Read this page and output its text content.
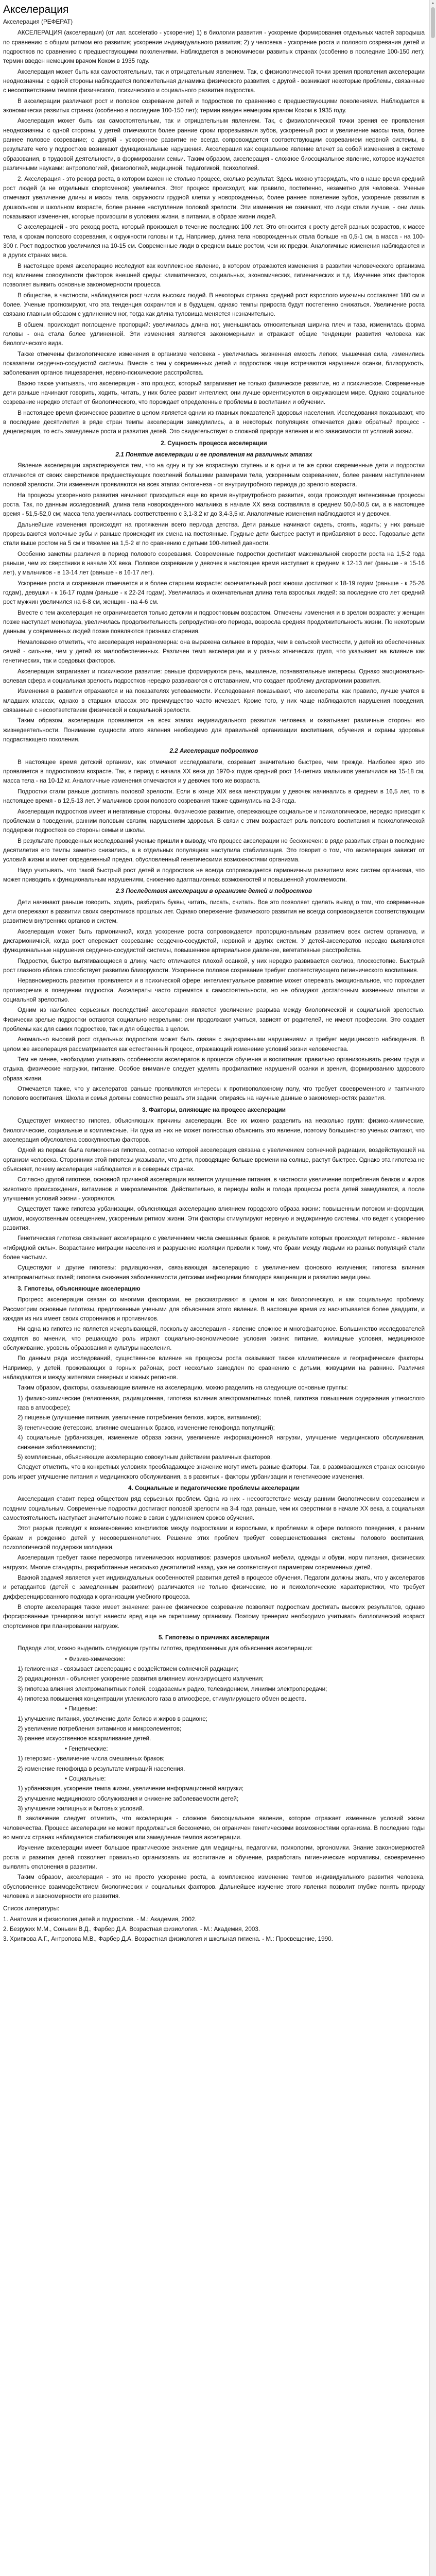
Акселерация

Акселерация (РЕФЕРАТ)

АКСЕЛЕРАЦИЯ (акселерация) (от лат. acceleratio - ускорение) 1) в биологии развития - ускорение формирования отдельных частей зародыша по сравнению с общим ритмом его развития; ускорение индивидуального развития; 2) у человека - ускорение роста и полового созревания детей и подростков по сравнению с предшествующими поколениями. Наблюдается в экономически развитых странах (особенно в последние 100-150 лет); термин введен немецким врачом Кохом в 1935 году.

Акселерация может быть как самостоятельным, так и отрицательным явлением. Так, с физиологической точки зрения проявления акселерации неоднозначны: с одной стороны наблюдается положительная динамика физического развития, с другой - возникают некоторые проблемы, связанные с несоответствием темпов физического, психического и социального развития подростка.

В акселерации различают рост и половое созревание детей и подростков по сравнению с предшествующими поколениями. Наблюдается в экономически развитых странах (особенно в последние 100-150 лет); термин введен немецким врачом Кохом в 1935 году.

Акселерация может быть как самостоятельным, так и отрицательным явлением. Так, с физиологической точки зрения ее проявления неоднозначны: с одной стороны, у детей отмечаются более ранние сроки прорезывания зубов, ускоренный рост и увеличение массы тела, более раннее половое созревание; с другой - ускоренное развитие не всегда сопровождается соответствующим созреванием нервной системы, в результате чего у подростков возникают функциональные нарушения. Акселерация как социальное явление влечет за собой изменения в системе образования, в трудовой деятельности, в формировании семьи. Таким образом, акселерация - сложное биосоциальное явление, которое изучается различными науками: антропологией, физиологией, медициной, педагогикой, психологией.

2. Акселерация - это рекорд роста, в котором важен не столько процесс, сколько результат. Здесь можно утверждать, что в наше время средний рост людей (а не отдельных спортсменов) увеличился. Этот процесс происходит, как правило, постепенно, незаметно для человека. Ученые отмечают увеличение длины и массы тела, окружности грудной клетки у новорожденных, более раннее появление зубов, ускорение развития в дошкольном и школьном возрасте, более раннее наступление половой зрелости. Эти изменения не означают, что люди стали лучше, - они лишь показывают изменения, которые произошли в условиях жизни, в питании, в образе жизни людей.

С акселерацией - это рекорд роста, который произошел в течение последних 100 лет. Это относится к росту детей разных возрастов, к массе тела, к срокам полового созревания, к окружности головы и т.д. Например, длина тела новорожденных стала больше на 0,5-1 см, а масса - на 100-300 г. Рост подростков увеличился на 10-15 см. Современные люди в среднем выше ростом, чем их предки. Аналогичные изменения наблюдаются и в других странах мира.

В настоящее время акселерацию исследуют как комплексное явление, в котором отражаются изменения в развитии человеческого организма под влиянием совокупности факторов внешней среды: климатических, социальных, экономических, гигиенических и т.д. Изучение этих факторов позволяет выявить основные закономерности процесса.

В обществе, в частности, наблюдается рост числа высоких людей. В некоторых странах средний рост взрослого мужчины составляет 180 см и более. Ученые прогнозируют, что эта тенденция сохранится и в будущем, однако темпы прироста будут постепенно снижаться. Увеличение роста связано главным образом с удлинением ног, тогда как длина туловища меняется незначительно.

В обшем, происходит поглощение пропорций: увеличилась длина ног, уменьшилась относительная ширина плеч и таза, изменилась форма головы - она стала более удлиненной. Эти изменения являются закономерными и отражают общие тенденции развития человека как биологического вида.

Также отмечены физиологические изменения в организме человека - увеличилась жизненная емкость легких, мышечная сила, изменились показатели сердечно-сосудистой системы. Вместе с тем у современных детей и подростков чаще встречаются нарушения осанки, близорукость, заболевания органов пищеварения, нервно-психические расстройства.

Важно также учитывать, что акселерация - это процесс, который затрагивает не только физическое развитие, но и психическое. Современные дети раньше начинают говорить, ходить, читать, у них более развит интеллект, они лучше ориентируются в окружающем мире. Однако социальное созревание нередко отстает от биологического, что порождает определенные проблемы в воспитании и обучении.

В настоящее время физическое развитие в целом является одним из главных показателей здоровья населения. Исследования показывают, что в последние десятилетия в ряде стран темпы акселерации замедлились, а в некоторых популяциях отмечается даже обратный процесс - децелерация, то есть замедление роста и развития детей. Это свидетельствует о сложной природе явления и его зависимости от условий жизни.

2. Сущность процесса акселерации

2.1 Понятие акселерации и ее проявления на различных этапах

Явление акселерации характеризуется тем, что на одну и ту же возрастную ступень и в одни и те же сроки современные дети и подростки отличаются от своих сверстников предшествующих поколений большими размерами тела, ускоренным созреванием, более ранним наступлением половой зрелости. Эти изменения проявляются на всех этапах онтогенеза - от внутриутробного периода до зрелого возраста.

На процессы ускоренного развития начинают приходиться еще во время внутриутробного развития, когда происходят интенсивные процессы роста. Так, по данным исследований, длина тела новорожденного мальчика в начале XX века составляла в среднем 50,0-50,5 см, а в настоящее время - 51,5-52,0 см; масса тела увеличилась соответственно с 3,1-3,2 кг до 3,4-3,5 кг. Аналогичные изменения наблюдаются и у девочек.

Дальнейшие изменения происходят на протяжении всего периода детства. Дети раньше начинают сидеть, стоять, ходить; у них раньше прорезываются молочные зубы и раньше происходит их смена на постоянные. Грудные дети быстрее растут и прибавляют в весе. Годовалые дети стали выше ростом на 5 см и тяжелее на 1,5-2 кг по сравнению с детьми 100-летней давности.

Особенно заметны различия в период полового созревания. Современные подростки достигают максимальной скорости роста на 1,5-2 года раньше, чем их сверстники в начале XX века. Половое созревание у девочек в настоящее время наступает в среднем в 12-13 лет (раньше - в 15-16 лет), у мальчиков - в 13-14 лет (раньше - в 16-17 лет).

Ускорение роста и созревания отмечается и в более старшем возрасте: окончательный рост юноши достигают к 18-19 годам (раньше - к 25-26 годам), девушки - к 16-17 годам (раньше - к 22-24 годам). Увеличилась и окончательная длина тела взрослых людей: за последние сто лет средний рост мужчин увеличился на 6-8 см, женщин - на 4-6 см.

Вместе с тем акселерация не ограничивается только детским и подростковым возрастом. Отмечены изменения и в зрелом возрасте: у женщин позже наступает менопауза, увеличилась продолжительность репродуктивного периода, возросла средняя продолжительность жизни. По некоторым данным, у современных людей позже появляются признаки старения.

Немаловажно отметить, что акселерация неравномерна: она выражена сильнее в городах, чем в сельской местности, у детей из обеспеченных семей - сильнее, чем у детей из малообеспеченных. Различен темп акселерации и у разных этнических групп, что указывает на влияние как генетических, так и средовых факторов.

Акселерация затрагивает и психическое развитие: раньше формируются речь, мышление, познавательные интересы. Однако эмоционально-волевая сфера и социальная зрелость подростков нередко развиваются с отставанием, что создает проблему дисгармонии развития.

Изменения в развитии отражаются и на показателях успеваемости. Исследования показывают, что акселераты, как правило, лучше учатся в младших классах, однако в старших классах это преимущество часто исчезает. Кроме того, у них чаще наблюдаются нарушения поведения, связанные с несоответствием физической и социальной зрелости.

Таким образом, акселерация проявляется на всех этапах индивидуального развития человека и охватывает различные стороны его жизнедеятельности. Понимание сущности этого явления необходимо для правильной организации воспитания, обучения и охраны здоровья подрастающего поколения.

2.2 Акселерация подростков

В настоящее время детский организм, как отмечают исследователи, созревает значительно быстрее, чем прежде. Наиболее ярко это проявляется в подростковом возрасте. Так, в период с начала XX века до 1970-х годов средний рост 14-летних мальчиков увеличился на 15-18 см, масса тела - на 10-12 кг. Аналогичные изменения отмечаются и у девочек того же возраста.

Подростки стали раньше достигать половой зрелости. Если в конце XIX века менструации у девочек начинались в среднем в 16,5 лет, то в настоящее время - в 12,5-13 лет. У мальчиков сроки полового созревания также сдвинулись на 2-3 года.

Акселерация подростков имеет и негативные стороны. Физическое развитие, опережающее социальное и психологическое, нередко приводит к проблемам в поведении, ранним половым связям, нарушениям здоровья. В связи с этим возрастает роль полового воспитания и психологической поддержки подростков со стороны семьи и школы.

В результате проведенных исследований ученые пришли к выводу, что процесс акселерации не бесконечен: в ряде развитых стран в последние десятилетия его темпы заметно снизились, а в отдельных популяциях наступила стабилизация. Это говорит о том, что акселерация зависит от условий жизни и имеет определенный предел, обусловленный генетическими возможностями организма.

Надо учитывать, что такой быстрый рост детей и подростков не всегда сопровождается гармоничным развитием всех систем организма, что может приводить к функциональным нарушениям, снижению адаптационных возможностей и повышенной утомляемости.

2.3 Последствия акселерации в организме детей и подростков

Дети начинают раньше говорить, ходить, разбирать буквы, читать, писать, считать. Все это позволяет сделать вывод о том, что современные дети опережают в развитии своих сверстников прошлых лет. Однако опережение физического развития не всегда сопровождается соответствующим развитием внутренних органов и систем.

Акселерация может быть гармоничной, когда ускорение роста сопровождается пропорциональным развитием всех систем организма, и дисгармоничной, когда рост опережает созревание сердечно-сосудистой, нервной и других систем. У детей-акселератов нередко выявляются функциональные нарушения сердечно-сосудистой системы, повышенное артериальное давление, вегетативные расстройства.

Подростки, быстро вытягивающиеся в длину, часто отличаются плохой осанкой, у них нередко развивается сколиоз, плоскостопие. Быстрый рост глазного яблока способствует развитию близорукости. Ускоренное половое созревание требует соответствующего гигиенического воспитания.

Неравномерность развития проявляется и в психической сфере: интеллектуальное развитие может опережать эмоциональное, что порождает противоречия в поведении подростка. Акселераты часто стремятся к самостоятельности, но не обладают достаточным жизненным опытом и социальной зрелостью.

Одним из наиболее серьезных последствий акселерации является увеличение разрыва между биологической и социальной зрелостью. Физически зрелые подростки остаются социально незрелыми: они продолжают учиться, зависят от родителей, не имеют профессии. Это создает проблемы как для самих подростков, так и для общества в целом.

Аномально высокий рост отдельных подростков может быть связан с эндокринными нарушениями и требует медицинского наблюдения. В целом же акселерация рассматривается как естественный процесс, отражающий изменение условий жизни человечества.

Тем не менее, необходимо учитывать особенности акселератов в процессе обучения и воспитания: правильно организовывать режим труда и отдыха, физические нагрузки, питание. Особое внимание следует уделять профилактике нарушений осанки и зрения, формированию здорового образа жизни.

Отмечается также, что у акселератов раньше проявляются интересы к противоположному полу, что требует своевременного и тактичного полового воспитания. Школа и семья должны совместно решать эти задачи, опираясь на научные данные о закономерностях развития.

3. Факторы, влияющие на процесс акселерации

Существует множество гипотез, объясняющих причины акселерации. Все их можно разделить на несколько групп: физико-химические, биологические, социальные и комплексные. Ни одна из них не может полностью объяснить это явление, поэтому большинство ученых считают, что акселерация обусловлена совокупностью факторов.

Одной из первых была гелиогенная гипотеза, согласно которой акселерация связана с увеличением солнечной радиации, воздействующей на организм человека. Сторонники этой гипотезы указывали, что дети, проводящие больше времени на солнце, растут быстрее. Однако эта гипотеза не объясняет, почему акселерация наблюдается и в северных странах.

Согласно другой гипотезе, основной причиной акселерации является улучшение питания, в частности увеличение потребления белков и жиров животного происхождения, витаминов и микроэлементов. Действительно, в периоды войн и голода процессы роста детей замедляются, а после улучшения условий жизни - ускоряются.

Существует также гипотеза урбанизации, объясняющая акселерацию влиянием городского образа жизни: повышенным потоком информации, шумом, искусственным освещением, ускоренным ритмом жизни. Эти факторы стимулируют нервную и эндокринную системы, что ведет к ускорению развития.

Генетическая гипотеза связывает акселерацию с увеличением числа смешанных браков, в результате которых происходит гетерозис - явление «гибридной силы». Возрастание миграции населения и разрушение изоляции привели к тому, что браки между людьми из разных популяций стали более частыми.

Существуют и другие гипотезы: радиационная, связывающая акселерацию с увеличением фонового излучения; гипотеза влияния электромагнитных полей; гипотеза снижения заболеваемости детскими инфекциями благодаря вакцинации и развитию медицины.

3. Гипотезы, объясняющие акселерацию

Прогресс акселерации связан со многими факторами, ее рассматривают в целом и как биологическую, и как социальную проблему. Рассмотрим основные гипотезы, предложенные учеными для объяснения этого явления. В настоящее время их насчитывается более двадцати, и каждая из них имеет своих сторонников и противников.

Ни одна из гипотез не является исчерпывающей, поскольку акселерация - явление сложное и многофакторное. Большинство исследователей сходятся во мнении, что решающую роль играют социально-экономические условия жизни: питание, жилищные условия, медицинское обслуживание, уровень образования и культуры населения.

По данным ряда исследований, существенное влияние на процессы роста оказывают также климатические и географические факторы. Например, у детей, проживающих в горных районах, рост несколько замедлен по сравнению с детьми, живущими на равнине. Различия наблюдаются и между жителями северных и южных регионов.

Таким образом, факторы, оказывающие влияние на акселерацию, можно разделить на следующие основные группы:

1) физико-химические (гелиогенная, радиационная, гипотеза влияния электромагнитных полей, гипотеза повышения содержания углекислого газа в атмосфере);

2) пищевые (улучшение питания, увеличение потребления белков, жиров, витаминов);

3) генетические (гетерозис, влияние смешанных браков, изменение генофонда популяций);

4) социальные (урбанизация, изменение образа жизни, увеличение информационной нагрузки, улучшение медицинского обслуживания, снижение заболеваемости);

5) комплексные, объясняющие акселерацию совокупным действием различных факторов.

Следует отметить, что в конкретных условиях преобладающее значение могут иметь разные факторы. Так, в развивающихся странах основную роль играет улучшение питания и медицинского обслуживания, а в развитых - факторы урбанизации и генетические изменения.

4. Социальные и педагогические проблемы акселерации

Акселерация ставит перед обществом ряд серьезных проблем. Одна из них - несоответствие между ранним биологическим созреванием и поздним социальным. Современные подростки достигают половой зрелости на 3-4 года раньше, чем их сверстники в начале XX века, а социальная самостоятельность наступает значительно позже в связи с удлинением сроков обучения.

Этот разрыв приводит к возникновению конфликтов между подростками и взрослыми, к проблемам в сфере полового поведения, к ранним бракам и рождению детей у несовершеннолетних. Решение этих проблем требует совершенствования системы полового воспитания, психологической поддержки молодежи.

Акселерация требует также пересмотра гигиенических нормативов: размеров школьной мебели, одежды и обуви, норм питания, физических нагрузок. Многие стандарты, разработанные несколько десятилетий назад, уже не соответствуют параметрам современных детей.

Важной задачей является учет индивидуальных особенностей развития детей в процессе обучения. Педагоги должны знать, что у акселератов и ретардантов (детей с замедленным развитием) различаются не только физические, но и психологические характеристики, что требует дифференцированного подхода к организации учебного процесса.

В спорте акселерация также имеет значение: раннее физическое созревание позволяет подросткам достигать высоких результатов, однако форсированные тренировки могут нанести вред еще не окрепшему организму. Поэтому тренерам необходимо учитывать биологический возраст спортсменов при планировании нагрузок.

5. Гипотезы о причинах акселерации

Подводя итог, можно выделить следующие группы гипотез, предложенных для объяснения акселерации:

• Физико-химические:

1) гелиогенная - связывает акселерацию с воздействием солнечной радиации;

2) радиационная - объясняет ускорение развития влиянием ионизирующего излучения;

3) гипотеза влияния электромагнитных полей, создаваемых радио, телевидением, линиями электропередачи;

4) гипотеза повышения концентрации углекислого газа в атмосфере, стимулирующего обмен веществ.

• Пищевые:

1) улучшение питания, увеличение доли белков и жиров в рационе;

2) увеличение потребления витаминов и микроэлементов;

3) раннее искусственное вскармливание детей.

• Генетические:

1) гетерозис - увеличение числа смешанных браков;

2) изменение генофонда в результате миграций населения.

• Социальные:

1) урбанизация, ускорение темпа жизни, увеличение информационной нагрузки;

2) улучшение медицинского обслуживания и снижение заболеваемости детей;

3) улучшение жилищных и бытовых условий.

В заключение следует отметить, что акселерация - сложное биосоциальное явление, которое отражает изменение условий жизни человечества. Процесс акселерации не может продолжаться бесконечно, он ограничен генетическими возможностями организма. В последние годы во многих странах наблюдается стабилизация или замедление темпов акселерации.

Изучение акселерации имеет большое практическое значение для медицины, педагогики, психологии, эргономики. Знание закономерностей роста и развития детей позволяет правильно организовать их воспитание и обучение, разработать гигиенические нормативы, своевременно выявлять отклонения в развитии.

Таким образом, акселерация - это не просто ускорение роста, а комплексное изменение темпов индивидуального развития человека, обусловленное взаимодействием биологических и социальных факторов. Дальнейшее изучение этого явления позволит глубже понять природу человека и закономерности его развития.

Список литературы:

1. Анатомия и физиология детей и подростков. - М.: Академия, 2002.

2. Безруких М.М., Сонькин В.Д., Фарбер Д.А. Возрастная физиология. - М.: Академия, 2003.

3. Хрипкова А.Г., Антропова М.В., Фарбер Д.А. Возрастная физиология и школьная гигиена. - М.: Просвещение, 1990.

▲
